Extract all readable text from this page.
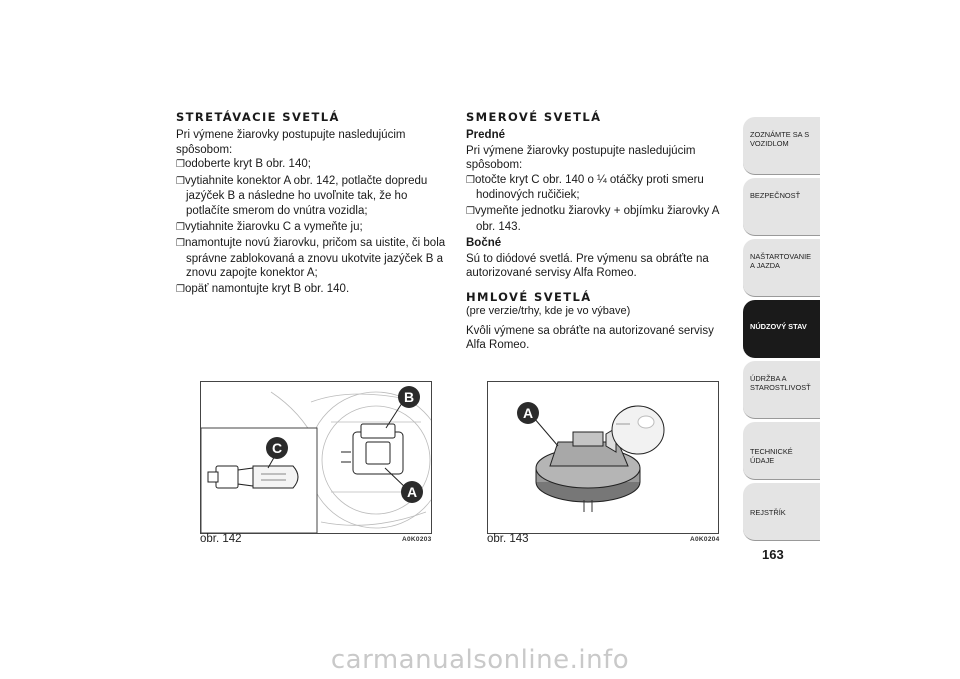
STRETÁVACIE SVETLÁ

Pri výmene žiarovky postupujte nasledujúcim spôsobom:

❒odoberte kryt B obr. 140;

❒vytiahnite konektor A obr. 142, potlačte dopredu jazýček B a následne ho uvoľnite tak, že ho potlačíte smerom do vnútra vozidla;

❒vytiahnite žiarovku C a vymeňte ju;

❒namontujte novú žiarovku, pričom sa uistite, či bola správne zablokovaná a znovu ukotvite jazýček B a znovu zapojte konektor A;

❒opäť namontujte kryt B obr. 140.

SMEROVÉ SVETLÁ
Predné

Pri výmene žiarovky postupujte nasledujúcim spôsobom:

❒otočte kryt C obr. 140 o ¼ otáčky proti smeru hodinových ručičiek;

❒vymeňte jednotku žiarovky + objímku žiarovky A obr. 143.

Bočné

Sú to diódové svetlá. Pre výmenu sa obráťte na autorizované servisy Alfa Romeo.

HMLOVÉ SVETLÁ

(pre verzie/trhy, kde je vo výbave)

Kvôli výmene sa obráťte na autorizované servisy Alfa Romeo.

B
C
A
obr. 142	A0K0203
A
obr. 143	A0K0204
ZOZNÁMTE SA S VOZIDLOM
BEZPEČNOSŤ
NAŠTARTOVANIE A JAZDA
NÚDZOVÝ STAV
ÚDRŽBA A STAROSTLIVOSŤ
TECHNICKÉ ÚDAJE
REJSTŘÍK
163
carmanualsonline.info
